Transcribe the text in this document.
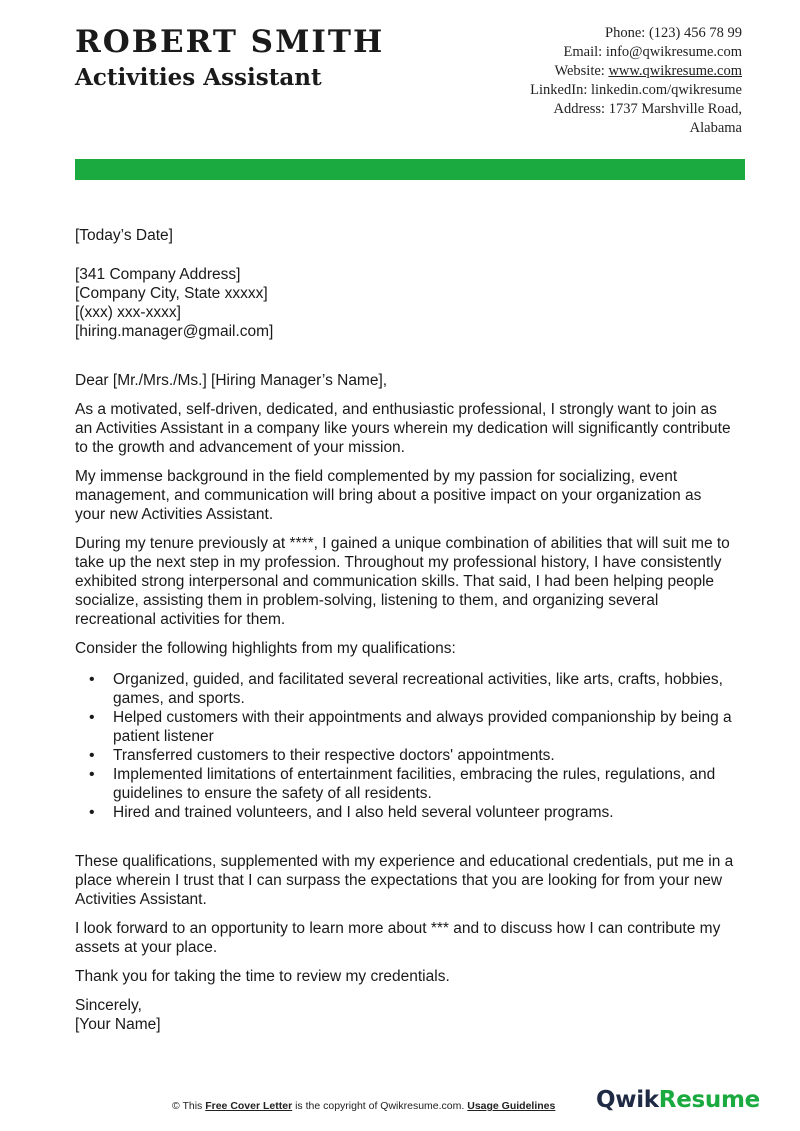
ROBERT SMITH
Activities Assistant
Phone: (123) 456 78 99
Email: info@qwikresume.com
Website: www.qwikresume.com
LinkedIn: linkedin.com/qwikresume
Address: 1737 Marshville Road,
Alabama

[Today’s Date]

[341 Company Address]

[Company City, State xxxxx]

[(xxx) xxx-xxxx]

[hiring.manager@gmail.com]

Dear [Mr./Mrs./Ms.] [Hiring Manager’s Name],

As a motivated, self-driven, dedicated, and enthusiastic professional, I strongly want to join as an Activities Assistant in a company like yours wherein my dedication will significantly contribute to the growth and advancement of your mission.

My immense background in the field complemented by my passion for socializing, event management, and communication will bring about a positive impact on your organization as your new Activities Assistant.

During my tenure previously at ****, I gained a unique combination of abilities that will suit me to take up the next step in my profession. Throughout my professional history, I have consistently exhibited strong interpersonal and communication skills. That said, I had been helping people socialize, assisting them in problem-solving, listening to them, and organizing several recreational activities for them.

Consider the following highlights from my qualifications:

• Organized, guided, and facilitated several recreational activities, like arts, crafts, hobbies, games, and sports.
• Helped customers with their appointments and always provided companionship by being a patient listener
• Transferred customers to their respective doctors' appointments.
• Implemented limitations of entertainment facilities, embracing the rules, regulations, and guidelines to ensure the safety of all residents.
• Hired and trained volunteers, and I also held several volunteer programs.

These qualifications, supplemented with my experience and educational credentials, put me in a place wherein I trust that I can surpass the expectations that you are looking for from your new Activities Assistant.

I look forward to an opportunity to learn more about *** and to discuss how I can contribute my assets at your place.

Thank you for taking the time to review my credentials.

Sincerely,

[Your Name]

© This Free Cover Letter is the copyright of Qwikresume.com. Usage Guidelines QwikResume
